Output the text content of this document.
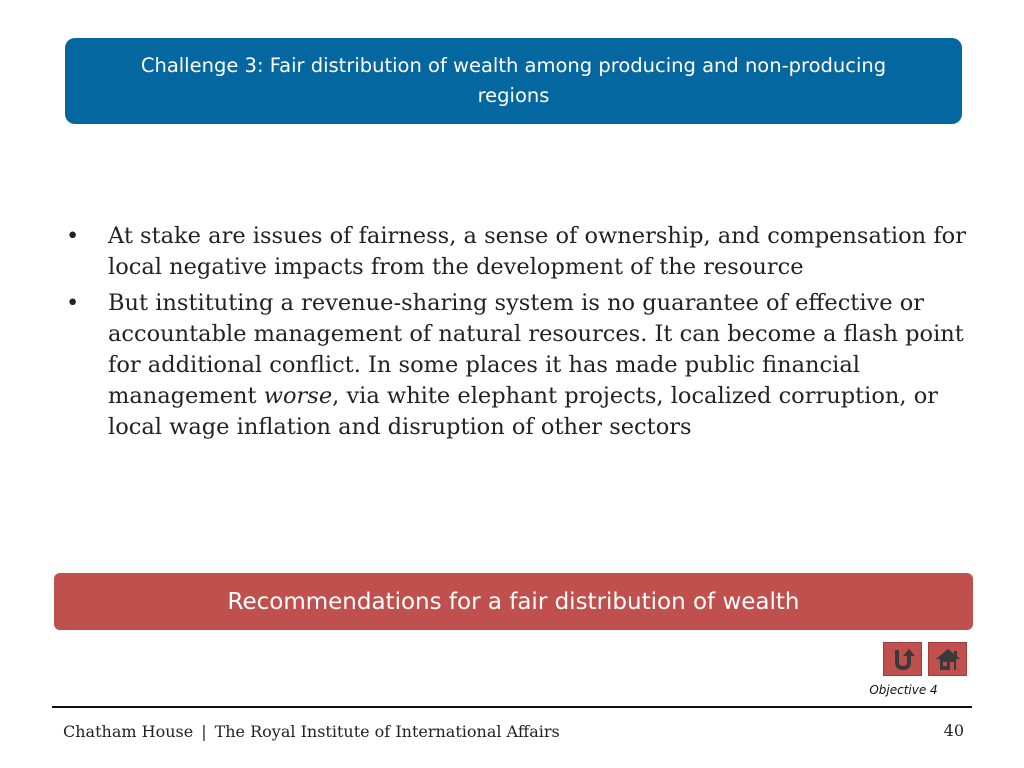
Challenge 3: Fair distribution of wealth among producing and non-producing regions
• At stake are issues of fairness, a sense of ownership, and compensation for local negative impacts from the development of the resource
• But instituting a revenue-sharing system is no guarantee of effective or accountable management of natural resources. It can become a flash point for additional conflict. In some places it has made public financial management worse, via white elephant projects, localized corruption, or local wage inflation and disruption of other sectors
Recommendations for a fair distribution of wealth
Objective 4
Chatham House | The Royal Institute of International Affairs	40
